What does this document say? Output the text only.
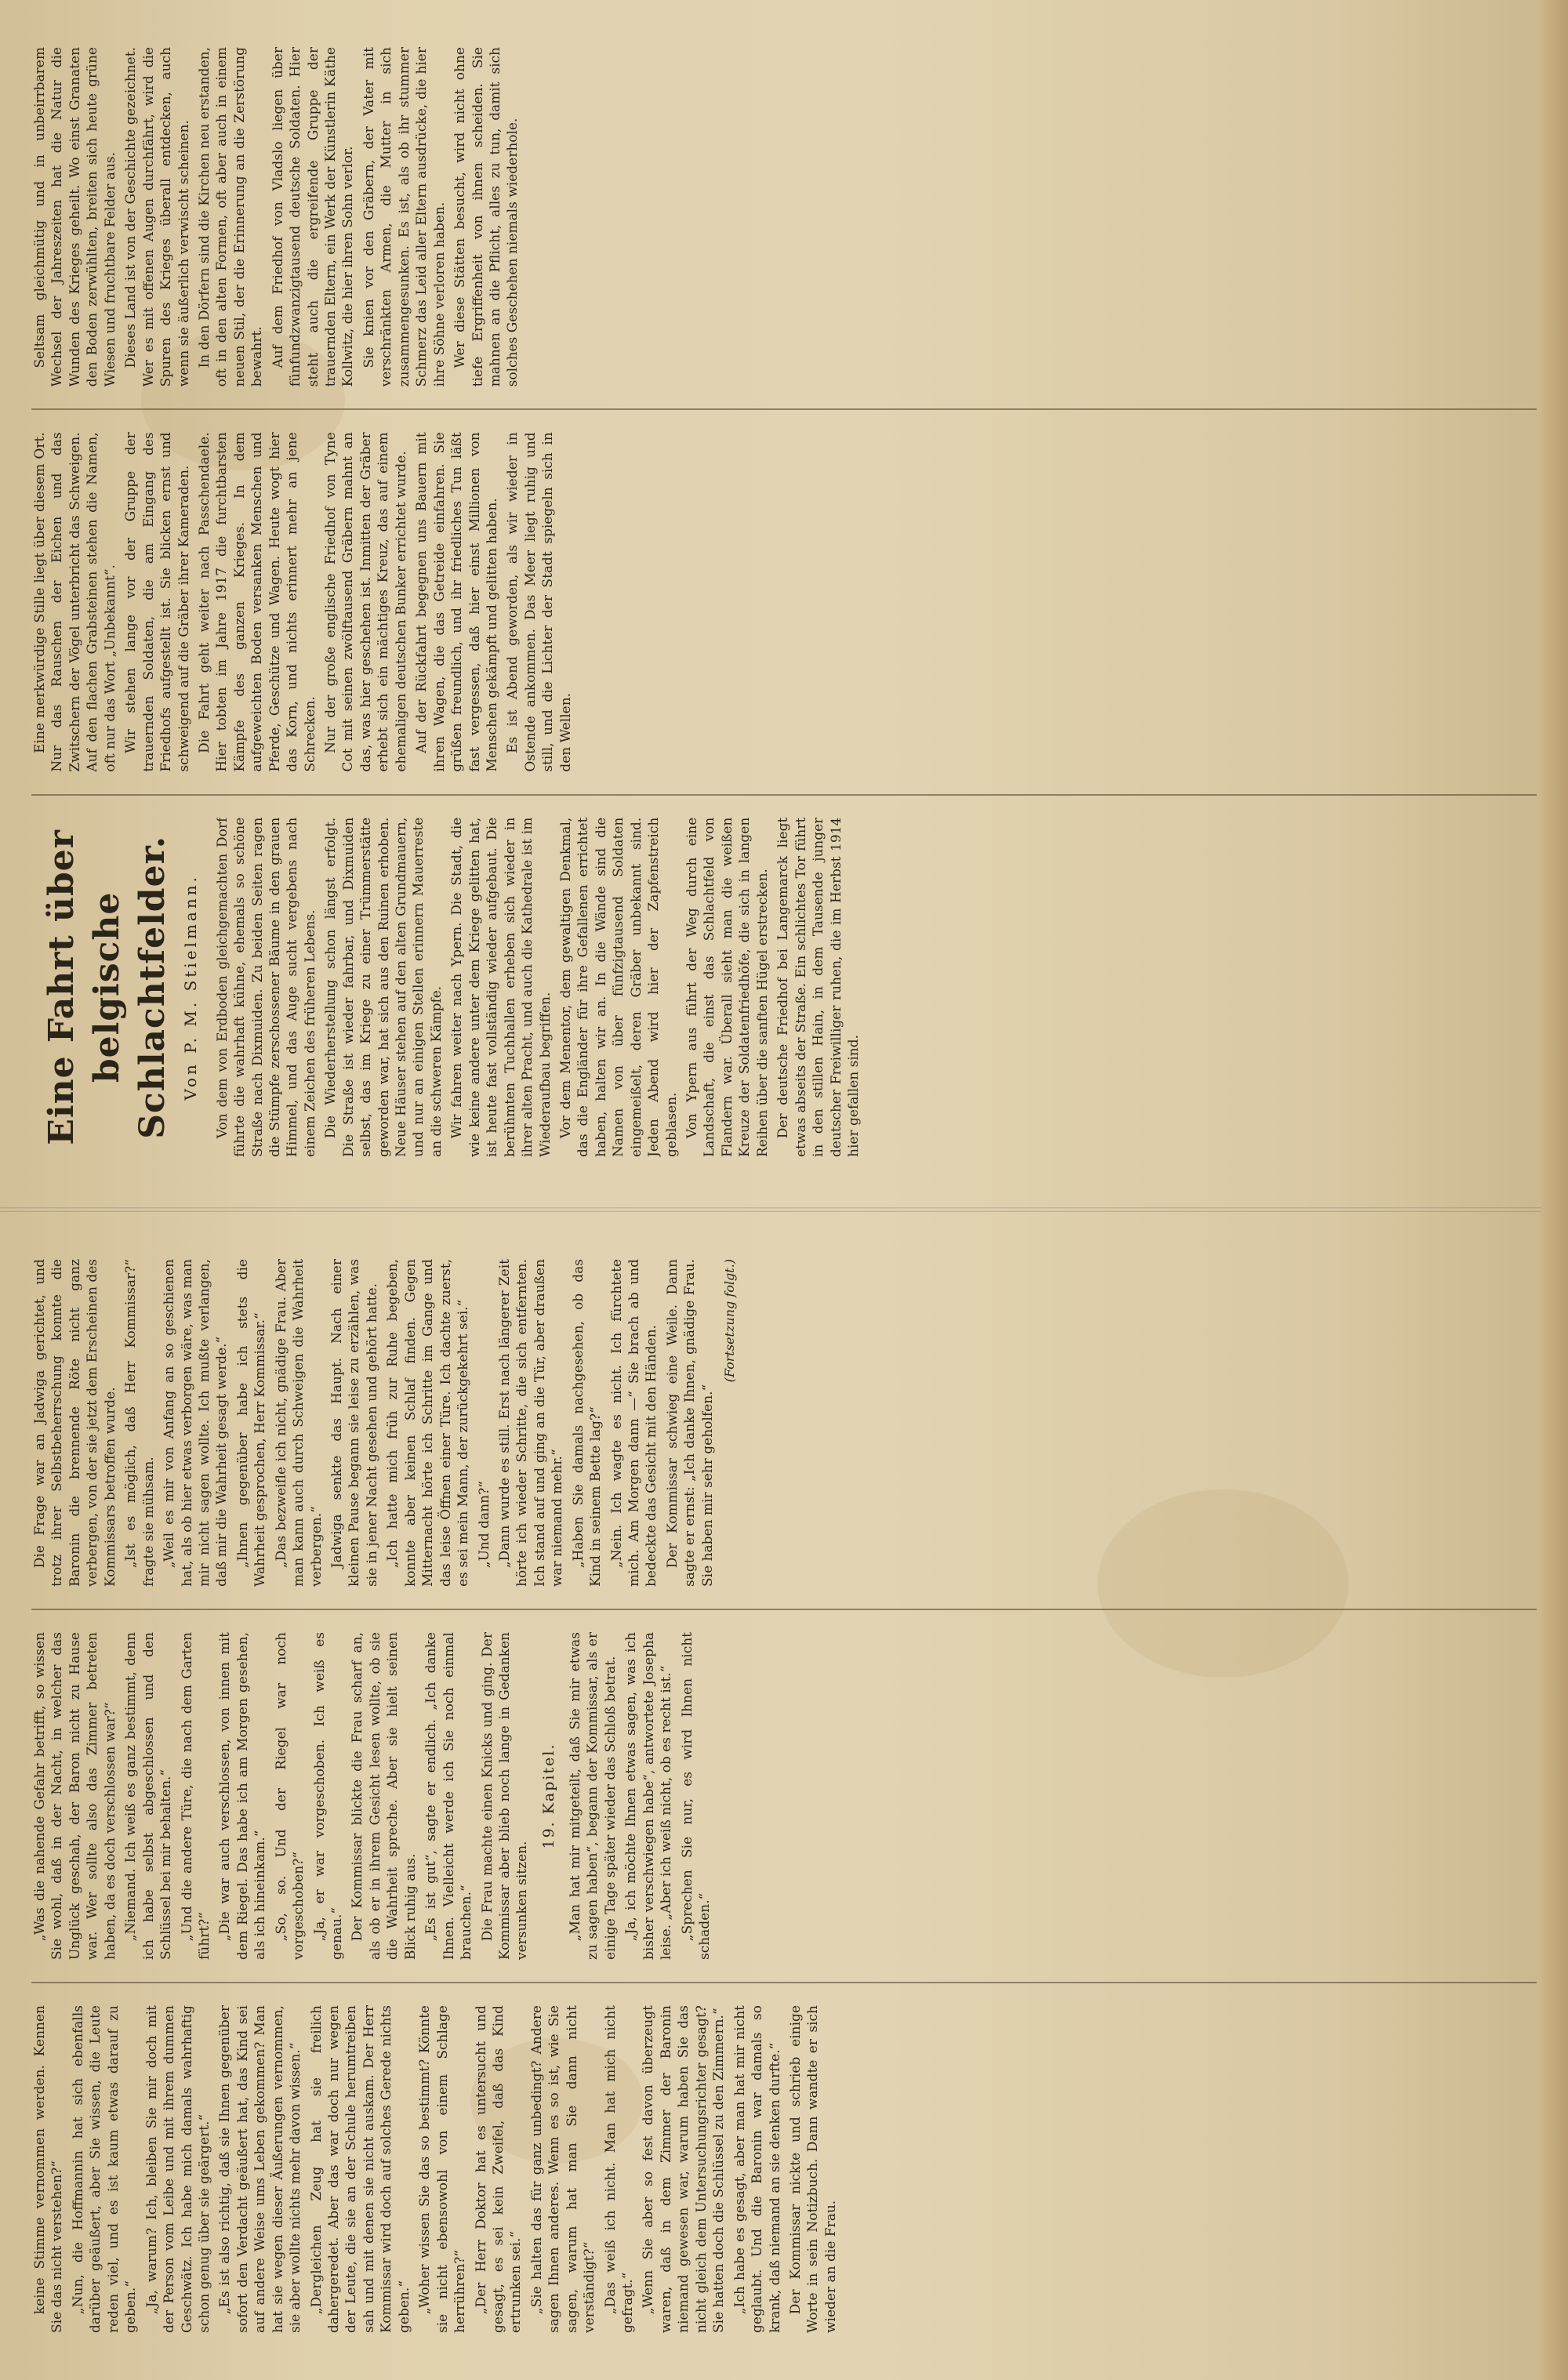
keine Stimme vernommen werden. Kennen Sie das nicht verstehen?“ „Nun, die Hoffmannin hat sich ebenfalls darüber geäußert, aber Sie wissen, die Leute reden viel, und es ist kaum etwas darauf zu geben.“ „Ja, warum? Ich, bleiben Sie mir doch mit der Person vom Leibe und mit ihrem dummen Geschwätz. Ich habe mich damals wahrhaftig schon genug über sie geärgert.“ „Es ist also richtig, daß sie Ihnen gegenüber sofort den Verdacht geäußert hat, das Kind sei auf andere Weise ums Leben gekommen? Man hat sie wegen dieser Äußerungen vernommen, sie aber wollte nichts mehr davon wissen.“ „Dergleichen Zeug hat sie freilich dahergeredet. Aber das war doch nur wegen der Leute, die sie an der Schule herumtreiben sah und mit denen sie nicht auskam. Der Herr Kommissar wird doch auf solches Gerede nichts geben.“ „Woher wissen Sie das so bestimmt? Könnte sie nicht ebensowohl von einem Schlage herrühren?“ „Der Herr Doktor hat es untersucht und gesagt, es sei kein Zweifel, daß das Kind ertrunken sei.“ „Sie halten das für ganz unbedingt? Andere sagen Ihnen anderes. Wenn es so ist, wie Sie sagen, warum hat man Sie dann nicht verständigt?“ „Das weiß ich nicht. Man hat mich nicht gefragt.“ „Wenn Sie aber so fest davon überzeugt waren, daß in dem Zimmer der Baronin niemand gewesen war, warum haben Sie das nicht gleich dem Untersuchungsrichter gesagt? Sie hatten doch die Schlüssel zu den Zimmern.“ „Ich habe es gesagt, aber man hat mir nicht geglaubt. Und die Baronin war damals so krank, daß niemand an sie denken durfte.“ Der Kommissar nickte und schrieb einige Worte in sein Notizbuch. Dann wandte er sich wieder an die Frau.

„Was die nahende Gefahr betrifft, so wissen Sie wohl, daß in der Nacht, in welcher das Unglück geschah, der Baron nicht zu Hause war. Wer sollte also das Zimmer betreten haben, da es doch verschlossen war?“ „Niemand. Ich weiß es ganz bestimmt, denn ich habe selbst abgeschlossen und den Schlüssel bei mir behalten.“ „Und die andere Türe, die nach dem Garten führt?“ „Die war auch verschlossen, von innen mit dem Riegel. Das habe ich am Morgen gesehen, als ich hineinkam.“ „So, so. Und der Riegel war noch vorgeschoben?“ „Ja, er war vorgeschoben. Ich weiß es genau.“ Der Kommissar blickte die Frau scharf an, als ob er in ihrem Gesicht lesen wollte, ob sie die Wahrheit spreche. Aber sie hielt seinen Blick ruhig aus. „Es ist gut“, sagte er endlich. „Ich danke Ihnen. Vielleicht werde ich Sie noch einmal brauchen.“ Die Frau machte einen Knicks und ging. Der Kommissar aber blieb noch lange in Gedanken versunken sitzen.

19. Kapitel. „Man hat mir mitgeteilt, daß Sie mir etwas zu sagen haben“, begann der Kommissar, als er einige Tage später wieder das Schloß betrat. „Ja, ich möchte Ihnen etwas sagen, was ich bisher verschwiegen habe“, antwortete Josepha leise. „Aber ich weiß nicht, ob es recht ist.“ „Sprechen Sie nur, es wird Ihnen nicht schaden.“

Die Frage war an Jadwiga gerichtet, und trotz ihrer Selbstbeherrschung konnte die Baronin die brennende Röte nicht ganz verbergen, von der sie jetzt dem Erscheinen des Kommissars betroffen wurde. „Ist es möglich, daß Herr Kommissar?“ fragte sie mühsam. „Weil es mir von Anfang an so geschienen hat, als ob hier etwas verborgen wäre, was man mir nicht sagen wollte. Ich mußte verlangen, daß mir die Wahrheit gesagt werde.“ „Ihnen gegenüber habe ich stets die Wahrheit gesprochen, Herr Kommissar.“ „Das bezweifle ich nicht, gnädige Frau. Aber man kann auch durch Schweigen die Wahrheit verbergen.“ Jadwiga senkte das Haupt. Nach einer kleinen Pause begann sie leise zu erzählen, was sie in jener Nacht gesehen und gehört hatte. „Ich hatte mich früh zur Ruhe begeben, konnte aber keinen Schlaf finden. Gegen Mitternacht hörte ich Schritte im Gange und das leise Öffnen einer Türe. Ich dachte zuerst, es sei mein Mann, der zurückgekehrt sei.“ „Und dann?“ „Dann wurde es still. Erst nach längerer Zeit hörte ich wieder Schritte, die sich entfernten. Ich stand auf und ging an die Tür, aber draußen war niemand mehr.“ „Haben Sie damals nachgesehen, ob das Kind in seinem Bette lag?“ „Nein. Ich wagte es nicht. Ich fürchtete mich. Am Morgen dann —“ Sie brach ab und bedeckte das Gesicht mit den Händen. Der Kommissar schwieg eine Weile. Dann sagte er ernst: „Ich danke Ihnen, gnädige Frau. Sie haben mir sehr geholfen.“

(Fortsetzung folgt.)
Eine Fahrt über belgische Schlachtfelder. Von P. M. Stielmann. Von dem von Erdboden gleichgemachten Dorf führte die wahrhaft kühne, ehemals so schöne Straße nach Dixmuiden. Zu beiden Seiten ragen die Stümpfe zerschossener Bäume in den grauen Himmel, und das Auge sucht vergebens nach einem Zeichen des früheren Lebens. Die Wiederherstellung schon längst erfolgt. Die Straße ist wieder fahrbar, und Dixmuiden selbst, das im Kriege zu einer Trümmerstätte geworden war, hat sich aus den Ruinen erhoben. Neue Häuser stehen auf den alten Grundmauern, und nur an einigen Stellen erinnern Mauerreste an die schweren Kämpfe. Wir fahren weiter nach Ypern. Die Stadt, die wie keine andere unter dem Kriege gelitten hat, ist heute fast vollständig wieder aufgebaut. Die berühmten Tuchhallen erheben sich wieder in ihrer alten Pracht, und auch die Kathedrale ist im Wiederaufbau begriffen. Vor dem Menentor, dem gewaltigen Denkmal, das die Engländer für ihre Gefallenen errichtet haben, halten wir an. In die Wände sind die Namen von über fünfzigtausend Soldaten eingemeißelt, deren Gräber unbekannt sind. Jeden Abend wird hier der Zapfenstreich geblasen. Von Ypern aus führt der Weg durch eine Landschaft, die einst das Schlachtfeld von Flandern war. Überall sieht man die weißen Kreuze der Soldatenfriedhöfe, die sich in langen Reihen über die sanften Hügel erstrecken. Der deutsche Friedhof bei Langemarck liegt etwas abseits der Straße. Ein schlichtes Tor führt in den stillen Hain, in dem Tausende junger deutscher Freiwilliger ruhen, die im Herbst 1914 hier gefallen sind.

Eine merkwürdige Stille liegt über diesem Ort. Nur das Rauschen der Eichen und das Zwitschern der Vögel unterbricht das Schweigen. Auf den flachen Grabsteinen stehen die Namen, oft nur das Wort „Unbekannt“. Wir stehen lange vor der Gruppe der trauernden Soldaten, die am Eingang des Friedhofs aufgestellt ist. Sie blicken ernst und schweigend auf die Gräber ihrer Kameraden. Die Fahrt geht weiter nach Passchendaele. Hier tobten im Jahre 1917 die furchtbarsten Kämpfe des ganzen Krieges. In dem aufgeweichten Boden versanken Menschen und Pferde, Geschütze und Wagen. Heute wogt hier das Korn, und nichts erinnert mehr an jene Schrecken. Nur der große englische Friedhof von Tyne Cot mit seinen zwölftausend Gräbern mahnt an das, was hier geschehen ist. Inmitten der Gräber erhebt sich ein mächtiges Kreuz, das auf einem ehemaligen deutschen Bunker errichtet wurde. Auf der Rückfahrt begegnen uns Bauern mit ihren Wagen, die das Getreide einfahren. Sie grüßen freundlich, und ihr friedliches Tun läßt fast vergessen, daß hier einst Millionen von Menschen gekämpft und gelitten haben. Es ist Abend geworden, als wir wieder in Ostende ankommen. Das Meer liegt ruhig und still, und die Lichter der Stadt spiegeln sich in den Wellen.

Seltsam gleichmütig und in unbeirrbarem Wechsel der Jahreszeiten hat die Natur die Wunden des Krieges geheilt. Wo einst Granaten den Boden zerwühlten, breiten sich heute grüne Wiesen und fruchtbare Felder aus. Dieses Land ist von der Geschichte gezeichnet. Wer es mit offenen Augen durchfährt, wird die Spuren des Krieges überall entdecken, auch wenn sie äußerlich verwischt scheinen. In den Dörfern sind die Kirchen neu erstanden, oft in den alten Formen, oft aber auch in einem neuen Stil, der die Erinnerung an die Zerstörung bewahrt. Auf dem Friedhof von Vladslo liegen über fünfundzwanzigtausend deutsche Soldaten. Hier steht auch die ergreifende Gruppe der trauernden Eltern, ein Werk der Künstlerin Käthe Kollwitz, die hier ihren Sohn verlor. Sie knien vor den Gräbern, der Vater mit verschränkten Armen, die Mutter in sich zusammengesunken. Es ist, als ob ihr stummer Schmerz das Leid aller Eltern ausdrücke, die hier ihre Söhne verloren haben. Wer diese Stätten besucht, wird nicht ohne tiefe Ergriffenheit von ihnen scheiden. Sie mahnen an die Pflicht, alles zu tun, damit sich solches Geschehen niemals wiederhole.
